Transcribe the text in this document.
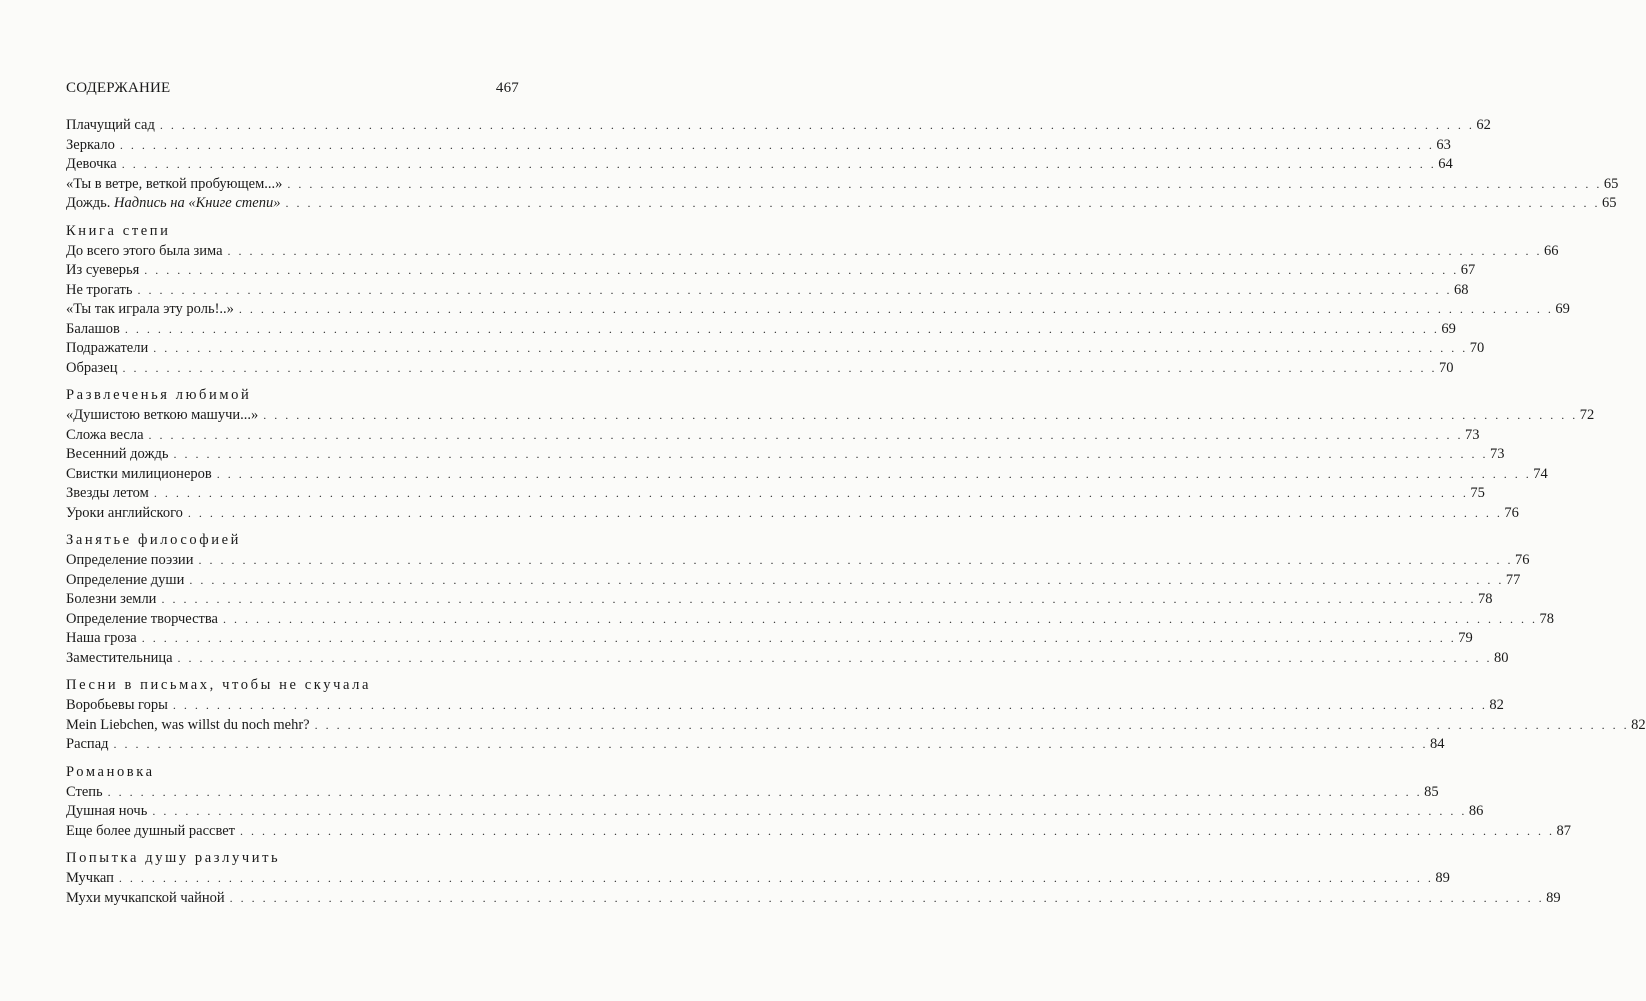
СОДЕРЖАНИЕ	467
Плачущий сад . . . . . . . . . . . . . . . . . . . . . . . . . . . . . . . . . . . . . . . . . . . . . . . . . . . . . . . . . . . . . . . . . . . . . . . . . . . . . . . . . . . . . . . . . . . . . . . . . . . . . . . . . . . . . . . . . . . . . . . . 62
Зеркало . . . . . . . . . . . . . . . . . . . . . . . . . . . . . . . . . . . . . . . . . . . . . . . . . . . . . . . . . . . . . . . . . . . . . . . . . . . . . . . . . . . . . . . . . . . . . . . . . . . . . . . . . . . . . . . . . . . . . . . . 63
Девочка . . . . . . . . . . . . . . . . . . . . . . . . . . . . . . . . . . . . . . . . . . . . . . . . . . . . . . . . . . . . . . . . . . . . . . . . . . . . . . . . . . . . . . . . . . . . . . . . . . . . . . . . . . . . . . . . . . . . . . . . 64
«Ты в ветре, веткой пробующем...» . . . . . . . . . . . . . . . . . . . . . . . . . . . . . . . . . . . . . . . . . . . . . . . . . . . . . . . . . . . . . . . . . . . . . . . . . . . . . . . . . . . . . . . . . . . . . . . . . . . . . . . . . . . . . . . . . . . . . . . . 65
Дождь. Надпись на «Книге степи» . . . . . . . . . . . . . . . . . . . . . . . . . . . . . . . . . . . . . . . . . . . . . . . . . . . . . . . . . . . . . . . . . . . . . . . . . . . . . . . . . . . . . . . . . . . . . . . . . . . . . . . . . . . . . . . . . . . . . . . . 65
Книга степи
До всего этого была зима . . . . . . . . . . . . . . . . . . . . . . . . . . . . . . . . . . . . . . . . . . . . . . . . . . . . . . . . . . . . . . . . . . . . . . . . . . . . . . . . . . . . . . . . . . . . . . . . . . . . . . . . . . . . . . . . . . . . . . . . 66
Из суеверья . . . . . . . . . . . . . . . . . . . . . . . . . . . . . . . . . . . . . . . . . . . . . . . . . . . . . . . . . . . . . . . . . . . . . . . . . . . . . . . . . . . . . . . . . . . . . . . . . . . . . . . . . . . . . . . . . . . . . . . . 67
Не трогать . . . . . . . . . . . . . . . . . . . . . . . . . . . . . . . . . . . . . . . . . . . . . . . . . . . . . . . . . . . . . . . . . . . . . . . . . . . . . . . . . . . . . . . . . . . . . . . . . . . . . . . . . . . . . . . . . . . . . . . . 68
«Ты так играла эту роль!..» . . . . . . . . . . . . . . . . . . . . . . . . . . . . . . . . . . . . . . . . . . . . . . . . . . . . . . . . . . . . . . . . . . . . . . . . . . . . . . . . . . . . . . . . . . . . . . . . . . . . . . . . . . . . . . . . . . . . . . . . 69
Балашов . . . . . . . . . . . . . . . . . . . . . . . . . . . . . . . . . . . . . . . . . . . . . . . . . . . . . . . . . . . . . . . . . . . . . . . . . . . . . . . . . . . . . . . . . . . . . . . . . . . . . . . . . . . . . . . . . . . . . . . . 69
Подражатели . . . . . . . . . . . . . . . . . . . . . . . . . . . . . . . . . . . . . . . . . . . . . . . . . . . . . . . . . . . . . . . . . . . . . . . . . . . . . . . . . . . . . . . . . . . . . . . . . . . . . . . . . . . . . . . . . . . . . . . . 70
Образец . . . . . . . . . . . . . . . . . . . . . . . . . . . . . . . . . . . . . . . . . . . . . . . . . . . . . . . . . . . . . . . . . . . . . . . . . . . . . . . . . . . . . . . . . . . . . . . . . . . . . . . . . . . . . . . . . . . . . . . . 70
Развлеченья любимой
«Душистою веткою машучи...» . . . . . . . . . . . . . . . . . . . . . . . . . . . . . . . . . . . . . . . . . . . . . . . . . . . . . . . . . . . . . . . . . . . . . . . . . . . . . . . . . . . . . . . . . . . . . . . . . . . . . . . . . . . . . . . . . . . . . . . . 72
Сложа весла . . . . . . . . . . . . . . . . . . . . . . . . . . . . . . . . . . . . . . . . . . . . . . . . . . . . . . . . . . . . . . . . . . . . . . . . . . . . . . . . . . . . . . . . . . . . . . . . . . . . . . . . . . . . . . . . . . . . . . . . 73
Весенний дождь . . . . . . . . . . . . . . . . . . . . . . . . . . . . . . . . . . . . . . . . . . . . . . . . . . . . . . . . . . . . . . . . . . . . . . . . . . . . . . . . . . . . . . . . . . . . . . . . . . . . . . . . . . . . . . . . . . . . . . . . 73
Свистки милиционеров . . . . . . . . . . . . . . . . . . . . . . . . . . . . . . . . . . . . . . . . . . . . . . . . . . . . . . . . . . . . . . . . . . . . . . . . . . . . . . . . . . . . . . . . . . . . . . . . . . . . . . . . . . . . . . . . . . . . . . . . 74
Звезды летом . . . . . . . . . . . . . . . . . . . . . . . . . . . . . . . . . . . . . . . . . . . . . . . . . . . . . . . . . . . . . . . . . . . . . . . . . . . . . . . . . . . . . . . . . . . . . . . . . . . . . . . . . . . . . . . . . . . . . . . . 75
Уроки английского . . . . . . . . . . . . . . . . . . . . . . . . . . . . . . . . . . . . . . . . . . . . . . . . . . . . . . . . . . . . . . . . . . . . . . . . . . . . . . . . . . . . . . . . . . . . . . . . . . . . . . . . . . . . . . . . . . . . . . . . 76
Занятье философией
Определение поэзии . . . . . . . . . . . . . . . . . . . . . . . . . . . . . . . . . . . . . . . . . . . . . . . . . . . . . . . . . . . . . . . . . . . . . . . . . . . . . . . . . . . . . . . . . . . . . . . . . . . . . . . . . . . . . . . . . . . . . . . . 76
Определение души . . . . . . . . . . . . . . . . . . . . . . . . . . . . . . . . . . . . . . . . . . . . . . . . . . . . . . . . . . . . . . . . . . . . . . . . . . . . . . . . . . . . . . . . . . . . . . . . . . . . . . . . . . . . . . . . . . . . . . . . 77
Болезни земли . . . . . . . . . . . . . . . . . . . . . . . . . . . . . . . . . . . . . . . . . . . . . . . . . . . . . . . . . . . . . . . . . . . . . . . . . . . . . . . . . . . . . . . . . . . . . . . . . . . . . . . . . . . . . . . . . . . . . . . . 78
Определение творчества . . . . . . . . . . . . . . . . . . . . . . . . . . . . . . . . . . . . . . . . . . . . . . . . . . . . . . . . . . . . . . . . . . . . . . . . . . . . . . . . . . . . . . . . . . . . . . . . . . . . . . . . . . . . . . . . . . . . . . . . 78
Наша гроза . . . . . . . . . . . . . . . . . . . . . . . . . . . . . . . . . . . . . . . . . . . . . . . . . . . . . . . . . . . . . . . . . . . . . . . . . . . . . . . . . . . . . . . . . . . . . . . . . . . . . . . . . . . . . . . . . . . . . . . . 79
Заместительница . . . . . . . . . . . . . . . . . . . . . . . . . . . . . . . . . . . . . . . . . . . . . . . . . . . . . . . . . . . . . . . . . . . . . . . . . . . . . . . . . . . . . . . . . . . . . . . . . . . . . . . . . . . . . . . . . . . . . . . . 80
Песни в письмах, чтобы не скучала
Воробьевы горы . . . . . . . . . . . . . . . . . . . . . . . . . . . . . . . . . . . . . . . . . . . . . . . . . . . . . . . . . . . . . . . . . . . . . . . . . . . . . . . . . . . . . . . . . . . . . . . . . . . . . . . . . . . . . . . . . . . . . . . . 82
Mein Liebchen, was willst du noch mehr? . . . . . . . . . . . . . . . . . . . . . . . . . . . . . . . . . . . . . . . . . . . . . . . . . . . . . . . . . . . . . . . . . . . . . . . . . . . . . . . . . . . . . . . . . . . . . . . . . . . . . . . . . . . . . . . . . . . . . . . . 82
Распад . . . . . . . . . . . . . . . . . . . . . . . . . . . . . . . . . . . . . . . . . . . . . . . . . . . . . . . . . . . . . . . . . . . . . . . . . . . . . . . . . . . . . . . . . . . . . . . . . . . . . . . . . . . . . . . . . . . . . . . . 84
Романовка
Степь . . . . . . . . . . . . . . . . . . . . . . . . . . . . . . . . . . . . . . . . . . . . . . . . . . . . . . . . . . . . . . . . . . . . . . . . . . . . . . . . . . . . . . . . . . . . . . . . . . . . . . . . . . . . . . . . . . . . . . . . 85
Душная ночь . . . . . . . . . . . . . . . . . . . . . . . . . . . . . . . . . . . . . . . . . . . . . . . . . . . . . . . . . . . . . . . . . . . . . . . . . . . . . . . . . . . . . . . . . . . . . . . . . . . . . . . . . . . . . . . . . . . . . . . . 86
Еще более душный рассвет . . . . . . . . . . . . . . . . . . . . . . . . . . . . . . . . . . . . . . . . . . . . . . . . . . . . . . . . . . . . . . . . . . . . . . . . . . . . . . . . . . . . . . . . . . . . . . . . . . . . . . . . . . . . . . . . . . . . . . . . 87
Попытка душу разлучить
Мучкап . . . . . . . . . . . . . . . . . . . . . . . . . . . . . . . . . . . . . . . . . . . . . . . . . . . . . . . . . . . . . . . . . . . . . . . . . . . . . . . . . . . . . . . . . . . . . . . . . . . . . . . . . . . . . . . . . . . . . . . . 89
Мухи мучкапской чайной . . . . . . . . . . . . . . . . . . . . . . . . . . . . . . . . . . . . . . . . . . . . . . . . . . . . . . . . . . . . . . . . . . . . . . . . . . . . . . . . . . . . . . . . . . . . . . . . . . . . . . . . . . . . . . . . . . . . . . . . 89
